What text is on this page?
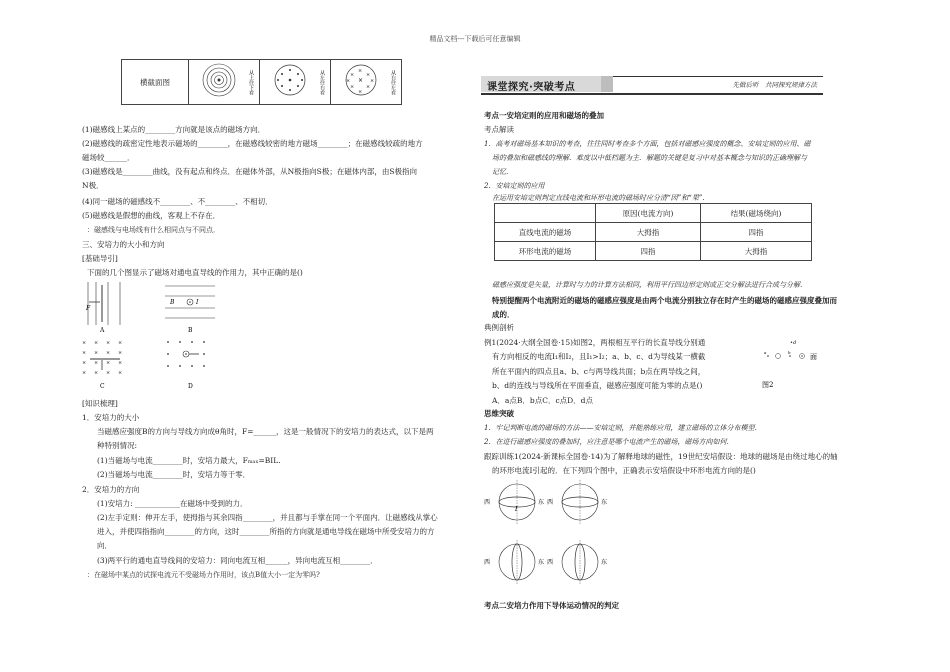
精品文档---下载后可任意编辑
横截面图	从上往下看	从左往右看	×
× ×
× ×
×
×
×	×	从右往左看
(1)磁感线上某点的________方向就是该点的磁场方向．
(2)磁感线的疏密定性地表示磁场的________，在磁感线较密的地方磁场________；在磁感线较疏的地方
磁场较______．
(3)磁感线是________曲线，没有起点和终点．在磁体外部，从N极指向S极；在磁体内部，由S极指向
N极．
(4)同一磁场的磁感线不________、不________、不相切．
(5)磁感线是假想的曲线，客观上不存在．
：磁感线与电场线有什么相同点与不同点．
三、安培力的大小和方向
[基础导引]
下面的几个图显示了磁场对通电直导线的作用力，其中正确的是()
F
A
B	I
B
× × × ×
× × × ×
× × × ×
× × × ×
C	D
[知识梳理]
1．安培力的大小
当磁感应强度B的方向与导线方向成θ角时，F=______，这是一般情况下的安培力的表达式，以下是两
种特别情况:
(1)当磁场与电流________时，安培力最大，Fₘₐₓ=BIL.
(2)当磁场与电流________时，安培力等于零．
2．安培力的方向
(1)安培力: ____________在磁场中受到的力．
(2)左手定则：伸开左手，使拇指与其余四指________，并且都与手掌在同一个平面内．让磁感线从掌心
进入，并使四指指向________的方向，这时________所指的方向就是通电导线在磁场中所受安培力的方
向．
(3)两平行的通电直导线间的安培力：同向电流互相______，异向电流互相________．
：在磁场中某点的试探电流元不受磁场力作用时，该点B值大小一定为零吗?
课堂探究·突破考点	先做后听　共同探究规律方法
考点一安培定则的应用和磁场的叠加
考点解读
1．高考对磁场基本知识的考查，往往同时考查多个方面，包括对磁感应强度的概念、安培定则的应用、磁
场的叠加和磁感线的理解．难度以中低档题为主．解题的关键是复习中对基本概念与知识的正确理解与
记忆．
2．安培定则的应用
在运用安培定则判定直线电流和环形电流的磁场时应分清“因”和“果”．
	原因(电流方向)	结果(磁场绕向)
直线电流的磁场	大拇指	四指
环形电流的磁场	四指	大拇指
磁感应强度是矢量，计算时与力的计算方法相同，利用平行四边形定则或正交分解法进行合成与分解．
特别提醒两个电流附近的磁场的磁感应强度是由两个电流分别独立存在时产生的磁场的磁感应强度叠加而
成的．
典例剖析
例1(2024·大纲全国卷·15)如图2，两根相互平行的长直导线分别通
有方向相反的电流I₁和I₂，且I₁>I₂；a、b、c、d为导线某一横截
所在平面内的四点且a、b、c与两导线共面；b点在两导线之间，
b、d的连线与导线所在平面垂直，磁感应强度可能为零的点是()
A．a点B．b点C．c点D．d点
•d
a	b
面
图2
思维突破
1．牢记判断电流的磁场的方法——安培定则，并能熟练应用，建立磁场的立体分布模型．
2．在进行磁感应强度的叠加时，应注意是哪个电流产生的磁场，磁场方向如何．
跟踪训练1(2024·新课标全国卷·14)为了解释地球的磁性，19世纪安培假设：地球的磁场是由绕过地心的轴
的环形电流I引起的．在下列四个图中，正确表示安培假设中环形电流方向的是()
西	东
I
西	东
西	东 西	东
考点二安培力作用下导体运动情况的判定
